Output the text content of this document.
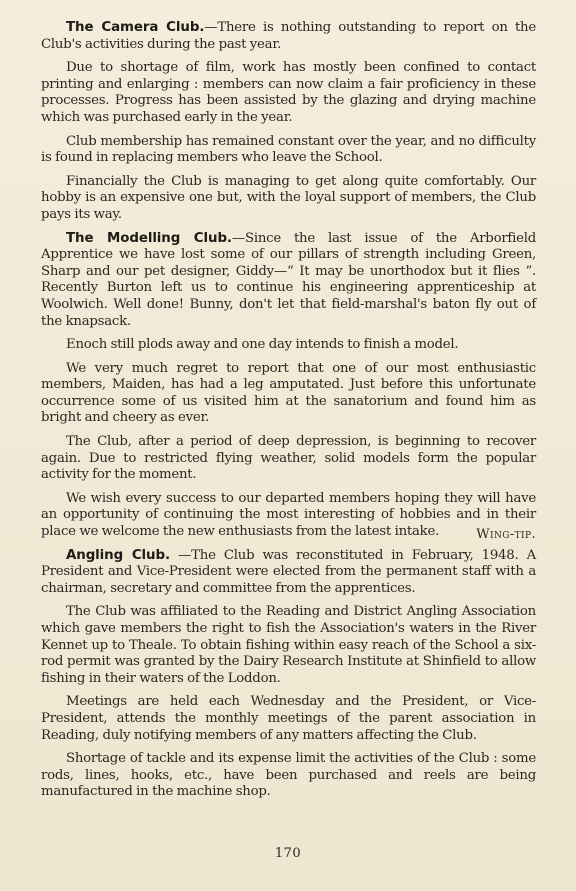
The Camera Club.—There is nothing outstanding to report on the Club's activities during the past year.

Due to shortage of film, work has mostly been confined to contact printing and enlarging : members can now claim a fair proficiency in these processes. Progress has been assisted by the glazing and drying machine which was purchased early in the year.

Club membership has remained constant over the year, and no difficulty is found in replacing members who leave the School.

Financially the Club is managing to get along quite comfortably. Our hobby is an expensive one but, with the loyal support of members, the Club pays its way.

The Modelling Club.—Since the last issue of the Arborfield Apprentice we have lost some of our pillars of strength including Green, Sharp and our pet designer, Giddy—“ It may be unorthodox but it flies ”. Recently Burton left us to continue his engineering apprenticeship at Woolwich. Well done! Bunny, don't let that field-marshal's baton fly out of the knapsack.

Enoch still plods away and one day intends to finish a model.

We very much regret to report that one of our most enthusiastic members, Maiden, has had a leg amputated. Just before this unfortunate occurrence some of us visited him at the sanatorium and found him as bright and cheery as ever.

The Club, after a period of deep depression, is beginning to recover again. Due to restricted flying weather, solid models form the popular activity for the moment.

We wish every success to our departed members hoping they will have an opportunity of continuing the most interesting of hobbies and in their place we welcome the new enthusiasts from the latest intake.	Wing-tip.

Angling Club. —The Club was reconstituted in February, 1948. A President and Vice-President were elected from the permanent staff with a chairman, secretary and committee from the apprentices.

The Club was affiliated to the Reading and District Angling Association which gave members the right to fish the Association's waters in the River Kennet up to Theale. To obtain fishing within easy reach of the School a six-rod permit was granted by the Dairy Research Institute at Shinfield to allow fishing in their waters of the Loddon.

Meetings are held each Wednesday and the President, or Vice-President, attends the monthly meetings of the parent association in Reading, duly notifying members of any matters affecting the Club.

Shortage of tackle and its expense limit the activities of the Club : some rods, lines, hooks, etc., have been purchased and reels are being manufactured in the machine shop.

170
